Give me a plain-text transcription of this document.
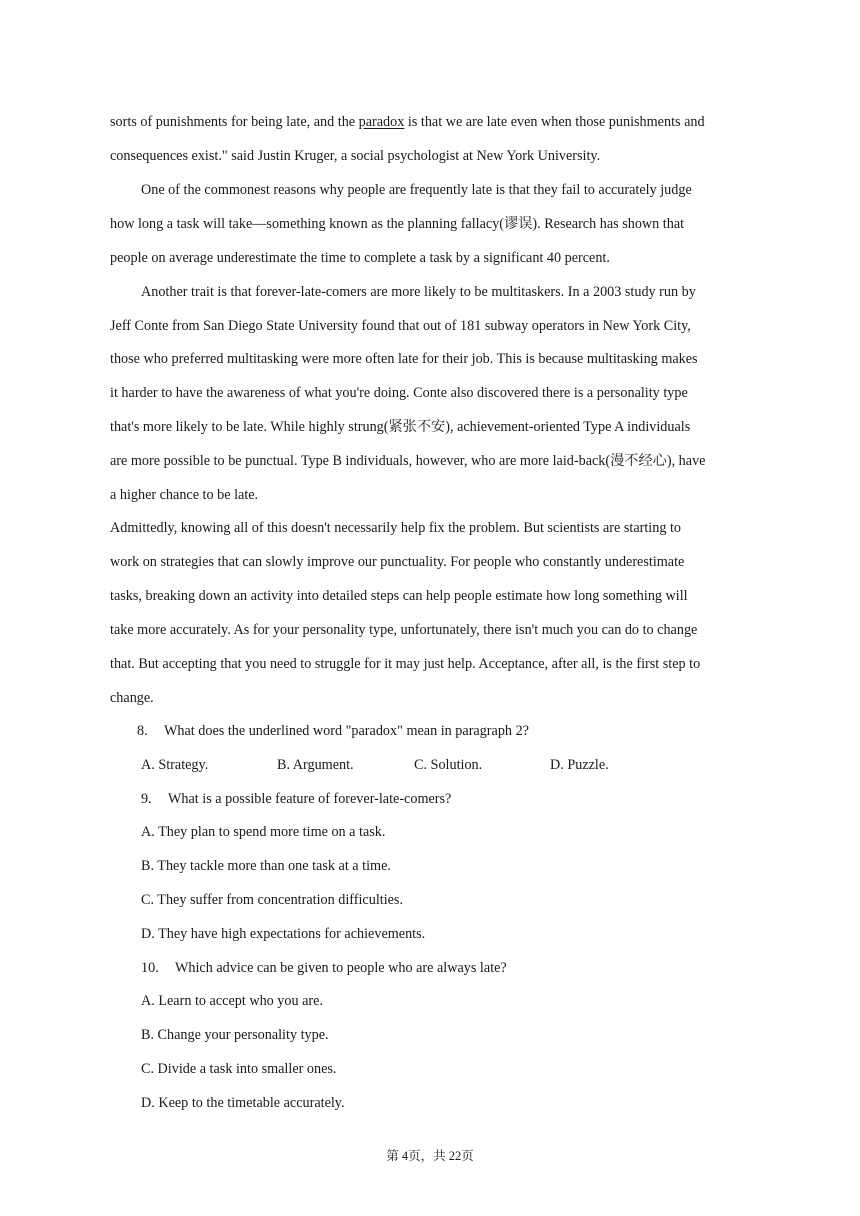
sorts of punishments for being late, and the paradox is that we are late even when those punishments and
consequences exist." said Justin Kruger, a social psychologist at New York University.
One of the commonest reasons why people are frequently late is that they fail to accurately judge
how long a task will take—something known as the planning fallacy(谬误). Research has shown that
people on average underestimate the time to complete a task by a significant 40 percent.
Another trait is that forever-late-comers are more likely to be multitaskers. In a 2003 study run by
Jeff Conte from San Diego State University found that out of 181 subway operators in New York City,
those who preferred multitasking were more often late for their job. This is because multitasking makes
it harder to have the awareness of what you're doing. Conte also discovered there is a personality type
that's more likely to be late. While highly strung(紧张不安), achievement-oriented Type A individuals
are more possible to be punctual. Type B individuals, however, who are more laid-back(漫不经心), have
a higher chance to be late.
Admittedly, knowing all of this doesn't necessarily help fix the problem. But scientists are starting to
work on strategies that can slowly improve our punctuality. For people who constantly underestimate
tasks, breaking down an activity into detailed steps can help people estimate how long something will
take more accurately. As for your personality type, unfortunately, there isn't much you can do to change
that. But accepting that you need to struggle for it may just help. Acceptance, after all, is the first step to
change.
8. What does the underlined word "paradox" mean in paragraph 2?
A. Strategy.	B. Argument.	C. Solution.	D. Puzzle.
9. What is a possible feature of forever-late-comers?
A. They plan to spend more time on a task.
B. They tackle more than one task at a time.
C. They suffer from concentration difficulties.
D. They have high expectations for achievements.
10. Which advice can be given to people who are always late?
A. Learn to accept who you are.
B. Change your personality type.
C. Divide a task into smaller ones.
D. Keep to the timetable accurately.
第 4页，共 22页
